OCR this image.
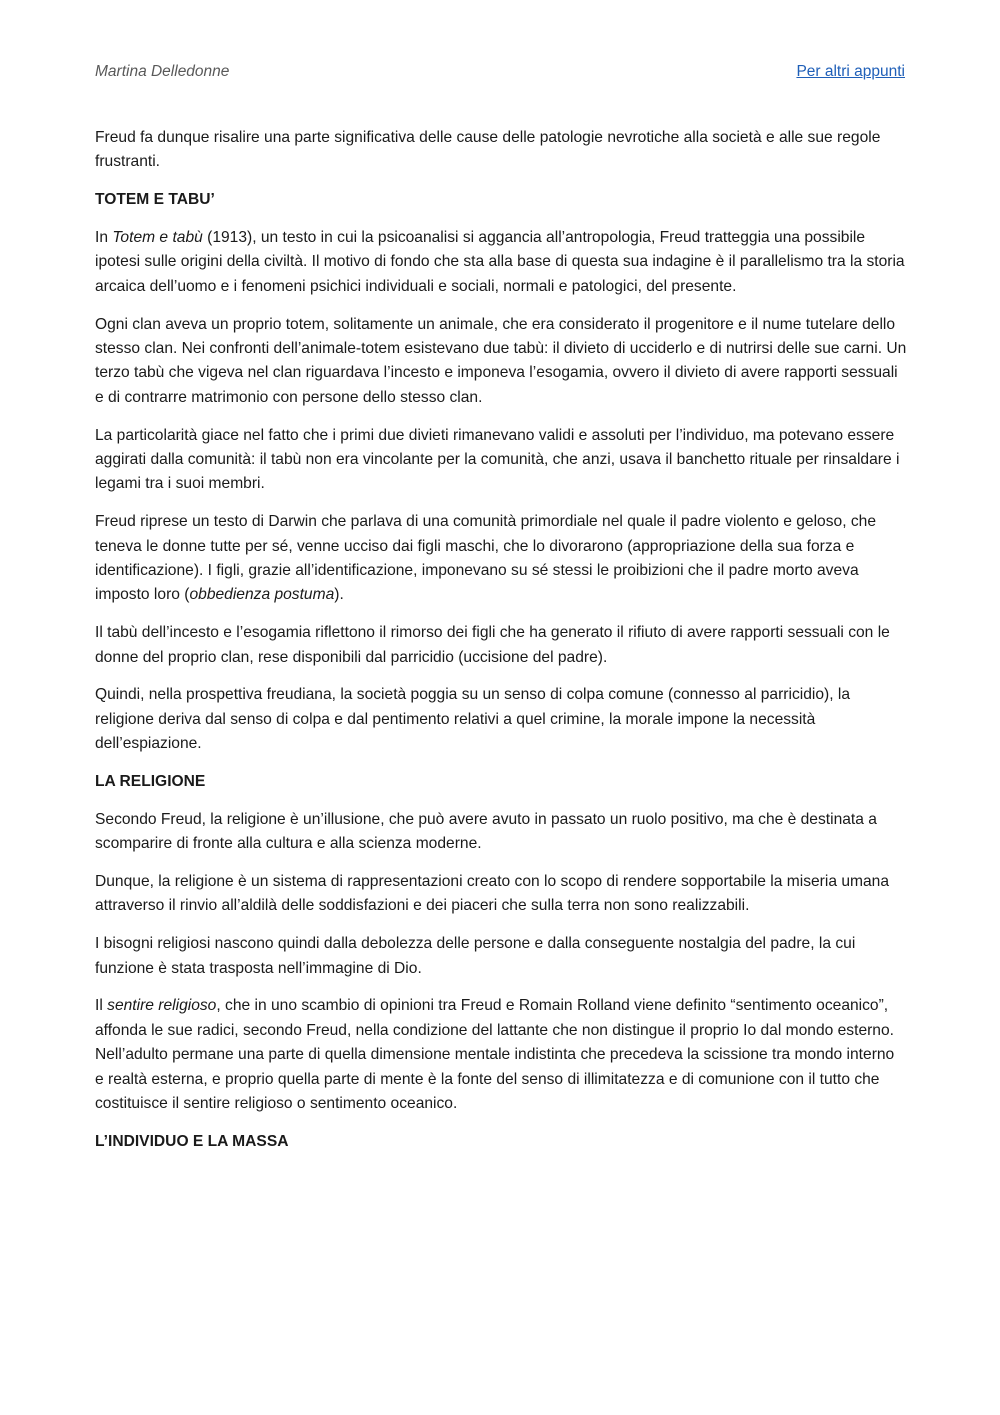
Martina Delledonne	Per altri appunti

Freud fa dunque risalire una parte significativa delle cause delle patologie nevrotiche alla società e alle sue regole frustranti.

TOTEM E TABU’

In Totem e tabù (1913), un testo in cui la psicoanalisi si aggancia all’antropologia, Freud tratteggia una possibile ipotesi sulle origini della civiltà. Il motivo di fondo che sta alla base di questa sua indagine è il parallelismo tra la storia arcaica dell’uomo e i fenomeni psichici individuali e sociali, normali e patologici, del presente.

Ogni clan aveva un proprio totem, solitamente un animale, che era considerato il progenitore e il nume tutelare dello stesso clan. Nei confronti dell’animale-totem esistevano due tabù: il divieto di ucciderlo e di nutrirsi delle sue carni. Un terzo tabù che vigeva nel clan riguardava l’incesto e imponeva l’esogamia, ovvero il divieto di avere rapporti sessuali e di contrarre matrimonio con persone dello stesso clan.

La particolarità giace nel fatto che i primi due divieti rimanevano validi e assoluti per l’individuo, ma potevano essere aggirati dalla comunità: il tabù non era vincolante per la comunità, che anzi, usava il banchetto rituale per rinsaldare i legami tra i suoi membri.

Freud riprese un testo di Darwin che parlava di una comunità primordiale nel quale il padre violento e geloso, che teneva le donne tutte per sé, venne ucciso dai figli maschi, che lo divorarono (appropriazione della sua forza e identificazione). I figli, grazie all’identificazione, imponevano su sé stessi le proibizioni che il padre morto aveva imposto loro (obbedienza postuma).

Il tabù dell’incesto e l’esogamia riflettono il rimorso dei figli che ha generato il rifiuto di avere rapporti sessuali con le donne del proprio clan, rese disponibili dal parricidio (uccisione del padre).

Quindi, nella prospettiva freudiana, la società poggia su un senso di colpa comune (connesso al parricidio), la religione deriva dal senso di colpa e dal pentimento relativi a quel crimine, la morale impone la necessità dell’espiazione.

LA RELIGIONE

Secondo Freud, la religione è un’illusione, che può avere avuto in passato un ruolo positivo, ma che è destinata a scomparire di fronte alla cultura e alla scienza moderne.

Dunque, la religione è un sistema di rappresentazioni creato con lo scopo di rendere sopportabile la miseria umana attraverso il rinvio all’aldilà delle soddisfazioni e dei piaceri che sulla terra non sono realizzabili.

I bisogni religiosi nascono quindi dalla debolezza delle persone e dalla conseguente nostalgia del padre, la cui funzione è stata trasposta nell’immagine di Dio.

Il sentire religioso, che in uno scambio di opinioni tra Freud e Romain Rolland viene definito “sentimento oceanico”, affonda le sue radici, secondo Freud, nella condizione del lattante che non distingue il proprio Io dal mondo esterno. Nell’adulto permane una parte di quella dimensione mentale indistinta che precedeva la scissione tra mondo interno e realtà esterna, e proprio quella parte di mente è la fonte del senso di illimitatezza e di comunione con il tutto che costituisce il sentire religioso o sentimento oceanico.

L’INDIVIDUO E LA MASSA
